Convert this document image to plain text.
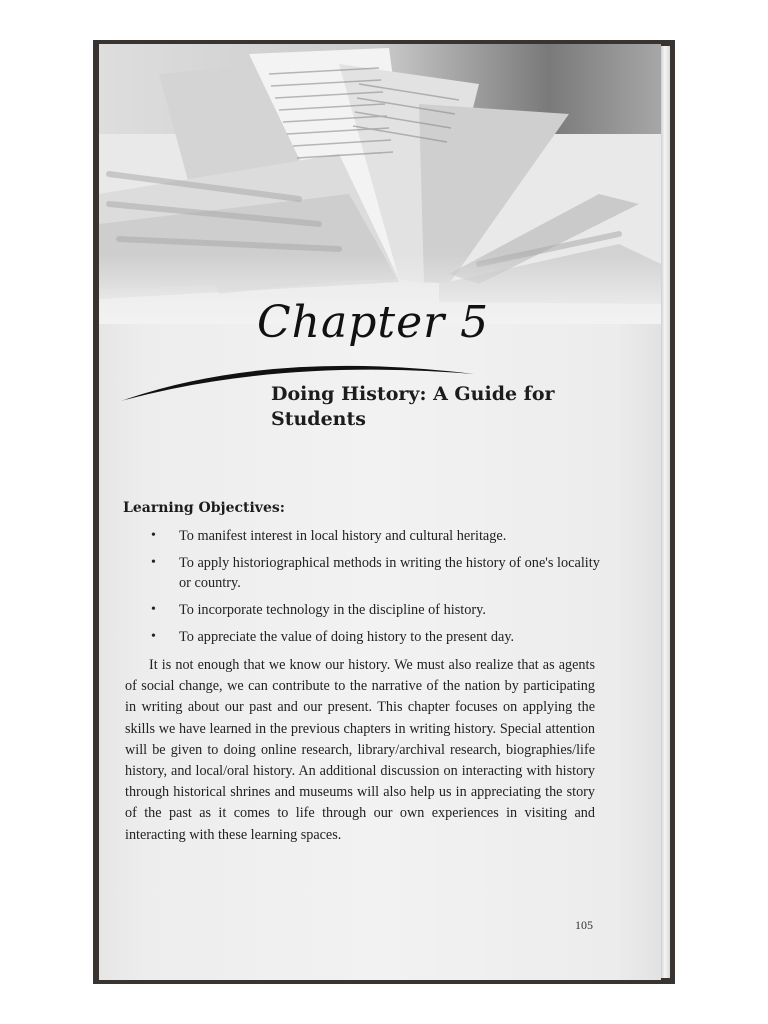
Chapter 5
Doing History: A Guide for Students
Learning Objectives:
• To manifest interest in local history and cultural heritage.
• To apply historiographical methods in writing the history of one's locality or country.
• To incorporate technology in the discipline of history.
• To appreciate the value of doing history to the present day.

It is not enough that we know our history. We must also realize that as agents of social change, we can contribute to the narrative of the nation by participating in writing about our past and our present. This chapter focuses on applying the skills we have learned in the previous chapters in writing history. Special attention will be given to doing online research, library/archival research, biographies/life history, and local/oral history. An additional discussion on interacting with history through historical shrines and museums will also help us in appreciating the story of the past as it comes to life through our own experiences in visiting and interacting with these learning spaces.

105
